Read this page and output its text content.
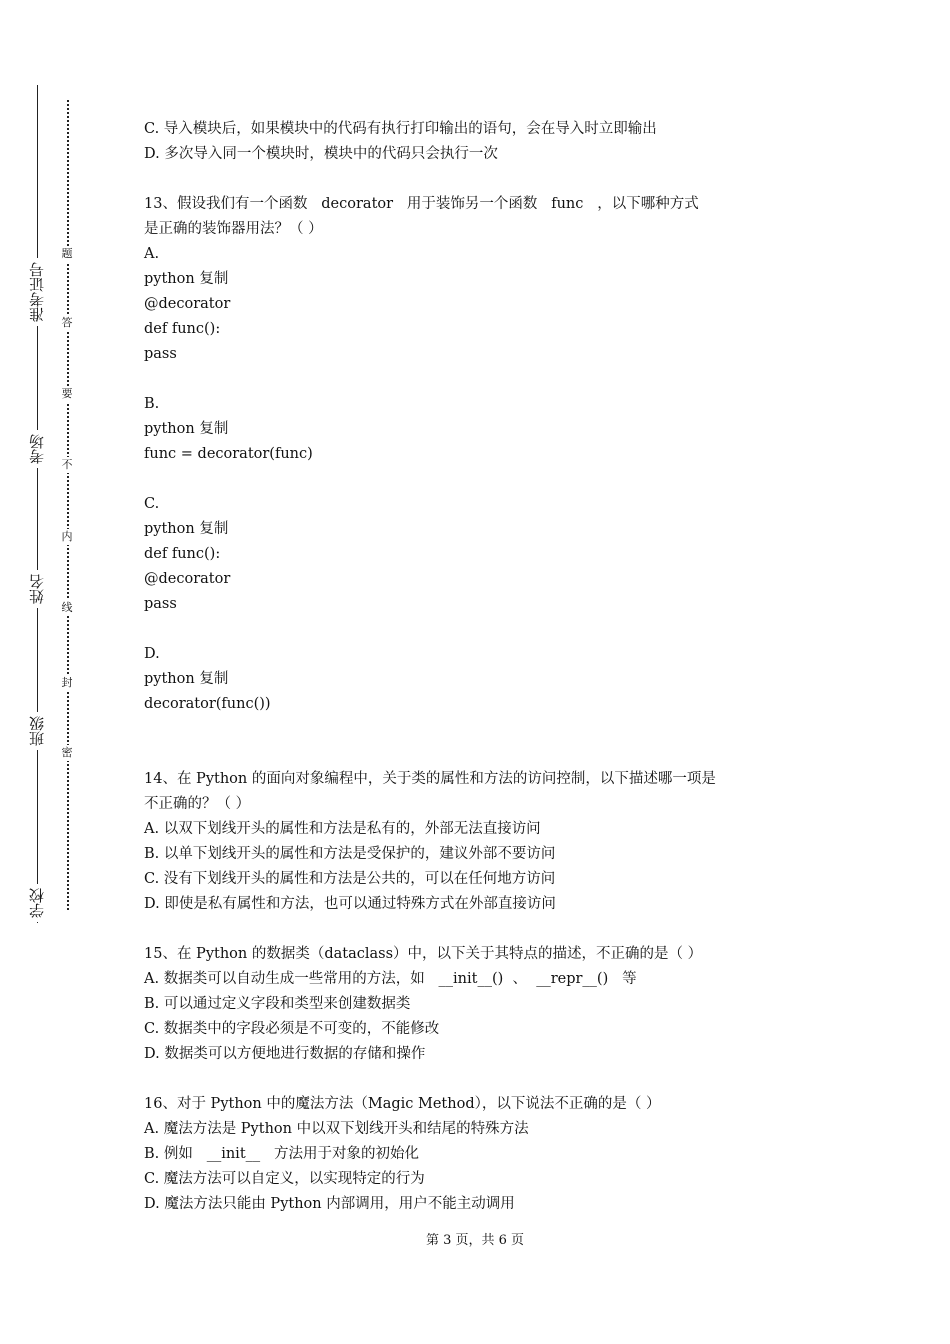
准考证号
考场
姓名
班级
学校
题
答
要
不
内
线
封
密
C. 导入模块后，如果模块中的代码有执行打印输出的语句，会在导入时立即输出
D. 多次导入同一个模块时，模块中的代码只会执行一次
13、假设我们有一个函数   decorator   用于装饰另一个函数   func   ，以下哪种方式
是正确的装饰器用法？（ ）
A.
python 复制
@decorator
def func():
pass
B.
python 复制
func = decorator(func)
C.
python 复制
def func():
@decorator
pass
D.
python 复制
decorator(func())
14、在 Python 的面向对象编程中，关于类的属性和方法的访问控制，以下描述哪一项是
不正确的？（ ）
A. 以双下划线开头的属性和方法是私有的，外部无法直接访问
B. 以单下划线开头的属性和方法是受保护的，建议外部不要访问
C. 没有下划线开头的属性和方法是公共的，可以在任何地方访问
D. 即使是私有属性和方法，也可以通过特殊方式在外部直接访问
15、在 Python 的数据类（dataclass）中，以下关于其特点的描述，不正确的是（ ）
A. 数据类可以自动生成一些常用的方法，如   __init__()  、  __repr__()   等
B. 可以通过定义字段和类型来创建数据类
C. 数据类中的字段必须是不可变的，不能修改
D. 数据类可以方便地进行数据的存储和操作
16、对于 Python 中的魔法方法（Magic Method），以下说法不正确的是（ ）
A. 魔法方法是 Python 中以双下划线开头和结尾的特殊方法
B. 例如   __init__   方法用于对象的初始化
C. 魔法方法可以自定义，以实现特定的行为
D. 魔法方法只能由 Python 内部调用，用户不能主动调用
第 3 页，共 6 页
